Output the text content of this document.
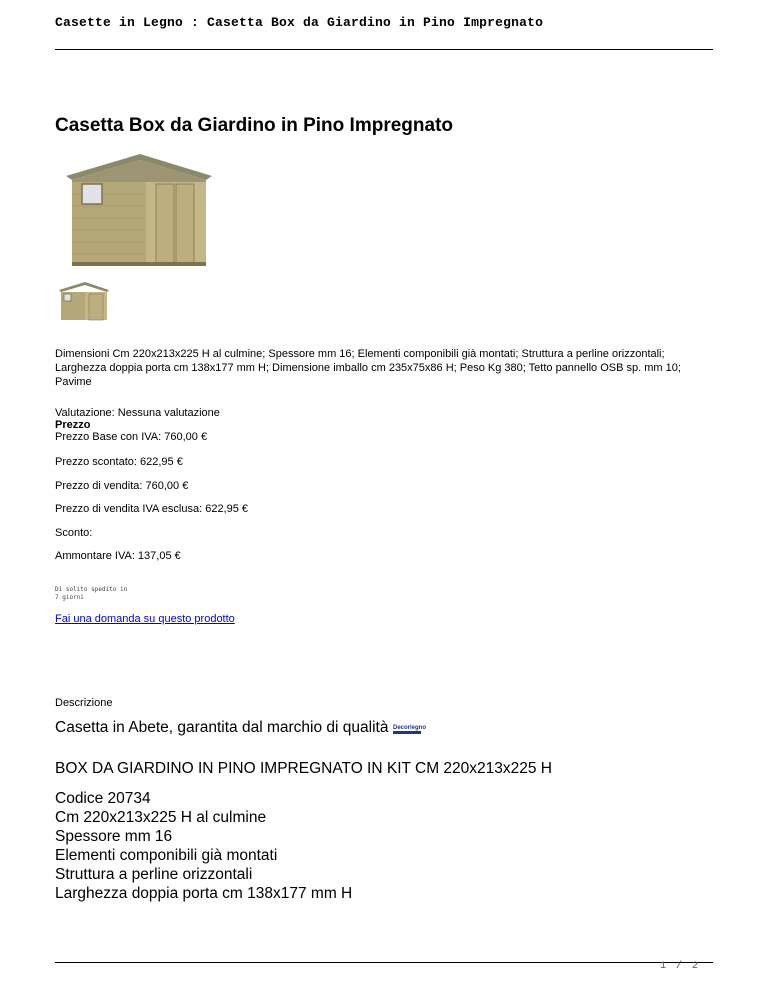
Casette in Legno : Casetta Box da Giardino in Pino Impregnato
Casetta Box da Giardino in Pino Impregnato

Dimensioni Cm 220x213x225 H al culmine; Spessore mm 16; Elementi componibili già montati; Struttura a perline orizzontali; Larghezza doppia porta cm 138x177 mm H; Dimensione imballo cm 235x75x86 H; Peso Kg 380; Tetto pannello OSB sp. mm 10; Pavime

Valutazione: Nessuna valutazione
Prezzo
Prezzo Base con IVA: 760,00 €
Prezzo scontato: 622,95 €
Prezzo di vendita: 760,00 €
Prezzo di vendita IVA esclusa: 622,95 €
Sconto:
Ammontare IVA: 137,05 €
Di solito spedito in
7 giorni
Fai una domanda su questo prodotto
Descrizione
Casetta in Abete, garantita dal marchio di qualità Decorlegno
BOX DA GIARDINO IN PINO IMPREGNATO IN KIT CM 220x213x225 H
Codice 20734
Cm 220x213x225 H al culmine
Spessore mm 16
Elementi componibili già montati
Struttura a perline orizzontali
Larghezza doppia porta cm 138x177 mm H
1 / 2
